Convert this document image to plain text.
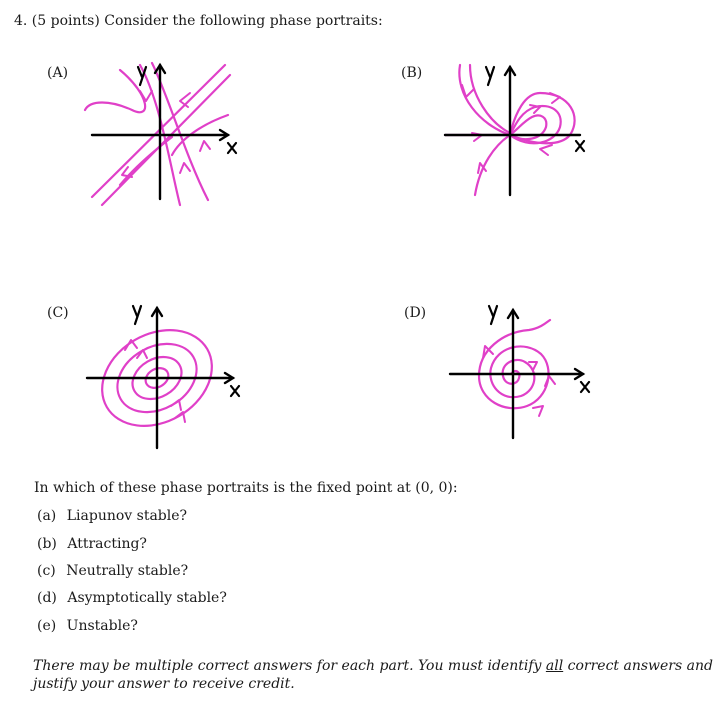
4. (5 points) Consider the following phase portraits:
(A)	(B)
(C)	(D)
In which of these phase portraits is the fixed point at (0, 0):
(a) Liapunov stable?
(b) Attracting?
(c) Neutrally stable?
(d) Asymptotically stable?
(e) Unstable?
There may be multiple correct answers for each part. You must identify all correct answers and
justify your answer to receive credit.
